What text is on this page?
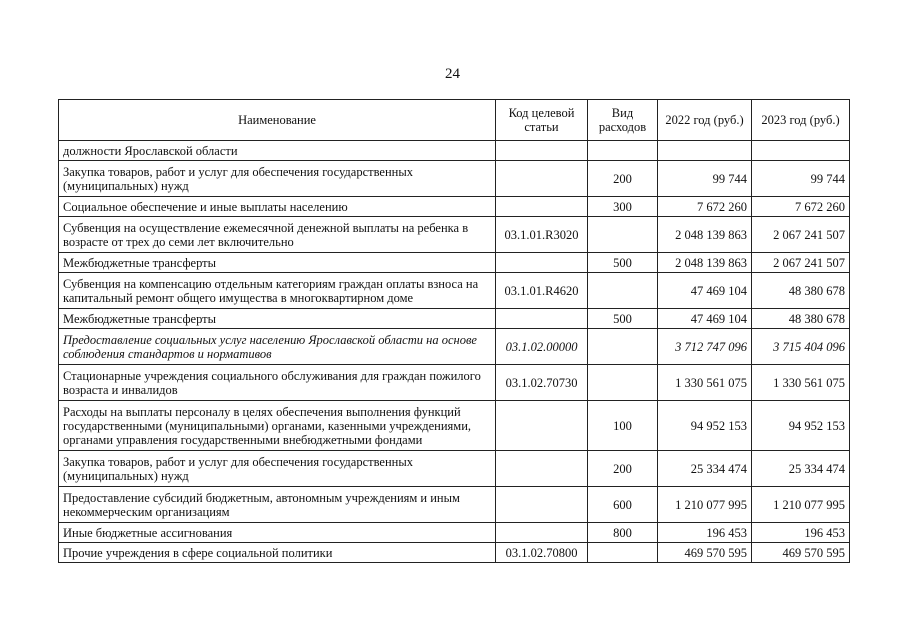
24
Наименование	Код целевой статьи	Вид расходов	2022 год (руб.)	2023 год (руб.)
должности Ярославской области				
Закупка товаров, работ и услуг для обеспечения государственных (муниципальных) нужд		200	99 744	99 744
Социальное обеспечение и иные выплаты населению		300	7 672 260	7 672 260
Субвенция на осуществление ежемесячной денежной выплаты на ребенка в возрасте от трех до семи лет включительно	03.1.01.R3020		2 048 139 863	2 067 241 507
Межбюджетные трансферты		500	2 048 139 863	2 067 241 507
Субвенция на компенсацию отдельным категориям граждан оплаты взноса на капитальный ремонт общего имущества в многоквартирном доме	03.1.01.R4620		47 469 104	48 380 678
Межбюджетные трансферты		500	47 469 104	48 380 678
Предоставление социальных услуг населению Ярославской области на основе соблюдения стандартов и нормативов	03.1.02.00000		3 712 747 096	3 715 404 096
Стационарные учреждения социального обслуживания для граждан пожилого возраста и инвалидов	03.1.02.70730		1 330 561 075	1 330 561 075
Расходы на выплаты персоналу в целях обеспечения выполнения функций государственными (муниципальными) органами, казенными учреждениями, органами управления государственными внебюджетными фондами		100	94 952 153	94 952 153
Закупка товаров, работ и услуг для обеспечения государственных (муниципальных) нужд		200	25 334 474	25 334 474
Предоставление субсидий бюджетным, автономным учреждениям и иным некоммерческим организациям		600	1 210 077 995	1 210 077 995
Иные бюджетные ассигнования		800	196 453	196 453
Прочие учреждения в сфере социальной политики	03.1.02.70800		469 570 595	469 570 595
